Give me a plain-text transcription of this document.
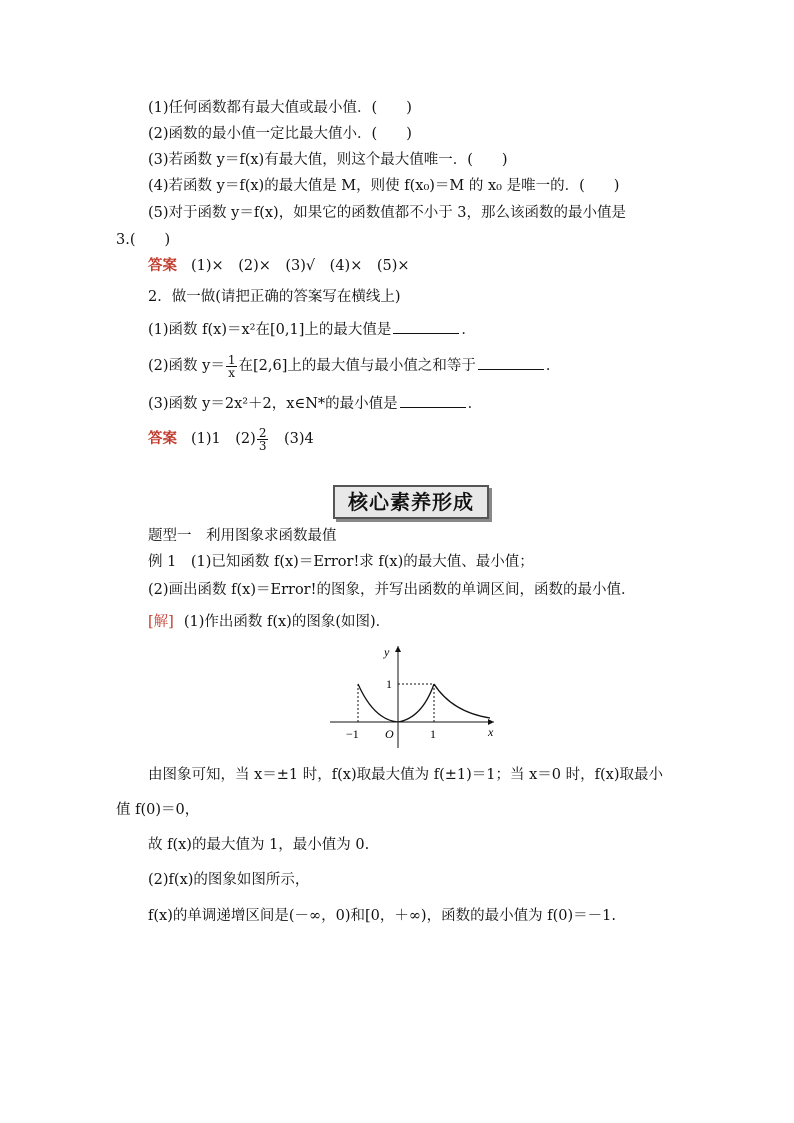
(1)任何函数都有最大值或最小值．(　　)
(2)函数的最小值一定比最大值小．(　　)
(3)若函数 y＝f(x)有最大值，则这个最大值唯一．(　　)
(4)若函数 y＝f(x)的最大值是 M，则使 f(x₀)＝M 的 x₀ 是唯一的．(　　)
(5)对于函数 y＝f(x)，如果它的函数值都不小于 3，那么该函数的最小值是
3.(　　)
答案 (1)×　(2)×　(3)√　(4)×　(5)×
2．做一做(请把正确的答案写在横线上)
(1)函数 f(x)＝x²在[0,1]上的最大值是	．
(2)函数 $y= \frac{1}{x}$ 在[2,6]上的最大值与最小值之和等于	．
(3)函数 y＝2x²＋2，x∈N*的最小值是	．
答案 (1)1　$(2) \frac{2}{3}$ 　(3)4
核心素养形成
题型一　利用图象求函数最值
例 1　(1)已知函数 f(x)＝Error!求 f(x)的最大值、最小值；
(2)画出函数 f(x)＝Error!的图象，并写出函数的单调区间，函数的最小值．
[解] (1)作出函数 f(x)的图象(如图)．
y
x
O
−1	1
1
由图象可知，当 x＝±1 时，f(x)取最大值为 f(±1)＝1；当 x＝0 时，f(x)取最小
值 f(0)＝0，
故 f(x)的最大值为 1，最小值为 0.
(2)f(x)的图象如图所示，
f(x)的单调递增区间是(－∞，0)和[0，＋∞)，函数的最小值为 f(0)＝－1.
